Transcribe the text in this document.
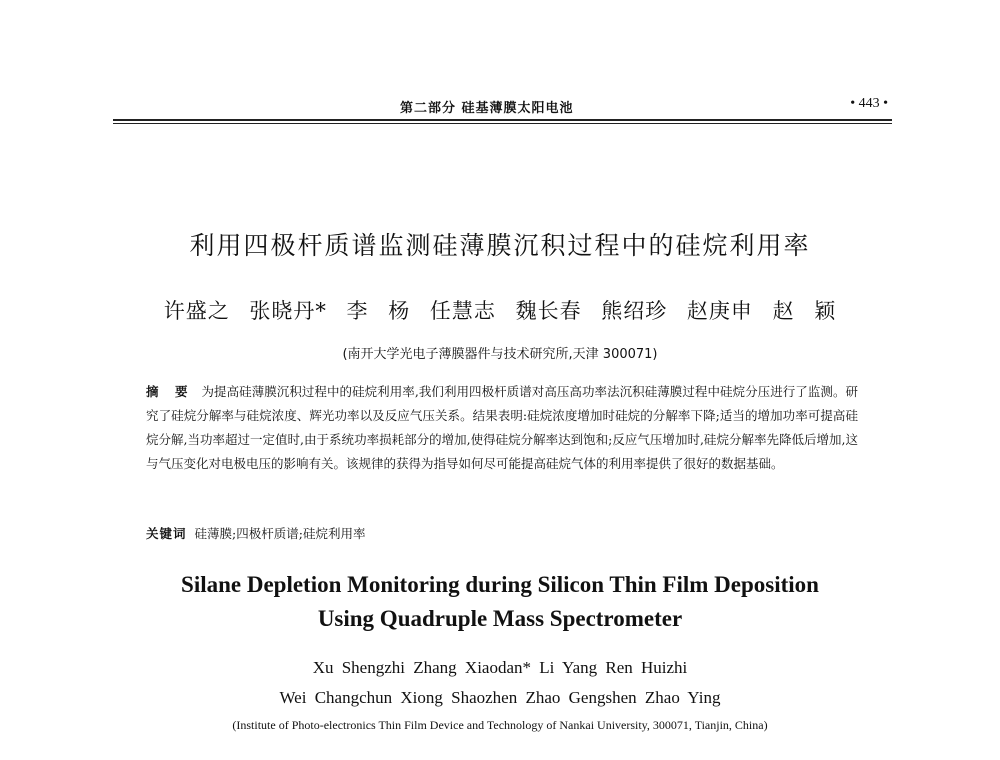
第二部分 硅基薄膜太阳电池	• 443 •
利用四极杆质谱监测硅薄膜沉积过程中的硅烷利用率
许盛之 张晓丹* 李 杨 任慧志 魏长春 熊绍珍 赵庚申 赵 颖
(南开大学光电子薄膜器件与技术研究所,天津 300071)
摘 要 为提高硅薄膜沉积过程中的硅烷利用率,我们利用四极杆质谱对高压高功率法沉积硅薄膜过程中硅烷分压进行了监测。研究了硅烷分解率与硅烷浓度、辉光功率以及反应气压关系。结果表明:硅烷浓度增加时硅烷的分解率下降;适当的增加功率可提高硅烷分解,当功率超过一定值时,由于系统功率损耗部分的增加,使得硅烷分解率达到饱和;反应气压增加时,硅烷分解率先降低后增加,这与气压变化对电极电压的影响有关。该规律的获得为指导如何尽可能提高硅烷气体的利用率提供了很好的数据基础。
关键词 硅薄膜;四极杆质谱;硅烷利用率
Silane Depletion Monitoring during Silicon Thin Film Deposition
Using Quadruple Mass Spectrometer
Xu Shengzhi Zhang Xiaodan* Li Yang Ren Huizhi
Wei Changchun Xiong Shaozhen Zhao Gengshen Zhao Ying
(Institute of Photo-electronics Thin Film Device and Technology of Nankai University, 300071, Tianjin, China)
